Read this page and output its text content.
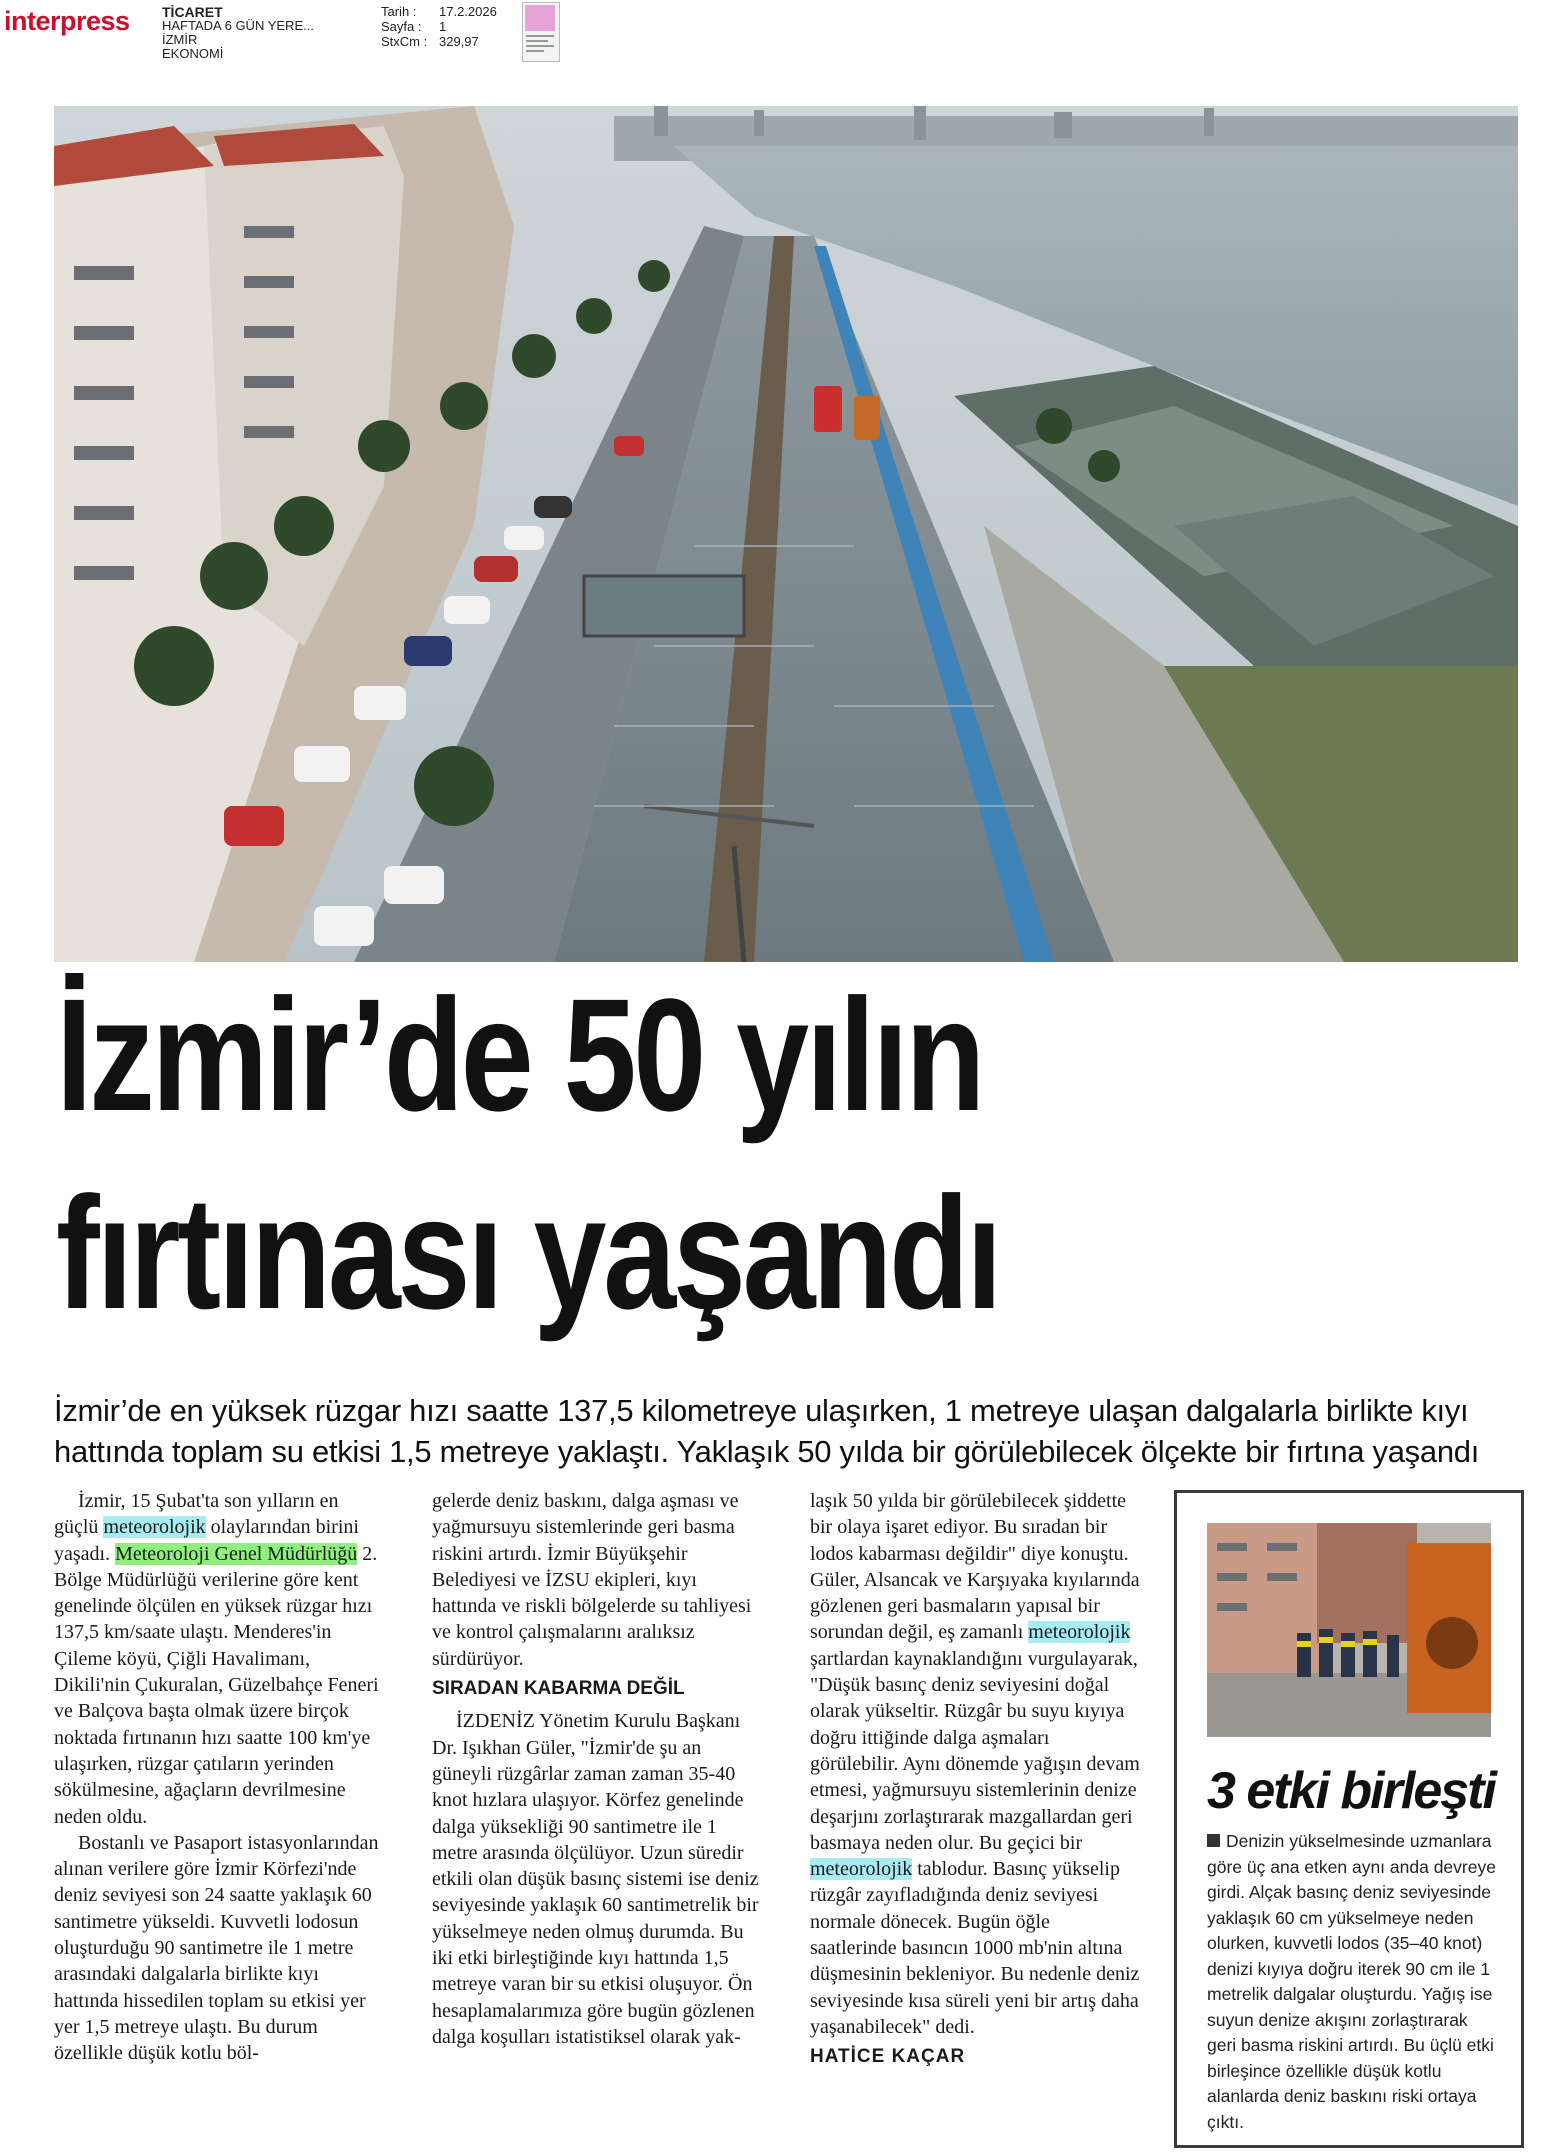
interpress TİCARET
HAFTADA 6 GÜN YERE...
İZMİR
EKONOMİ
Tarih : 17.2.2026
Sayfa : 1
StxCm : 329,97
İzmir’de 50 yılın
fırtınası yaşandı
İzmir’de en yüksek rüzgar hızı saatte 137,5 kilometreye ulaşırken, 1 metreye ulaşan dalgalarla birlikte kıyı
hattında toplam su etkisi 1,5 metreye yaklaştı. Yaklaşık 50 yılda bir görülebilecek ölçekte bir fırtına yaşandı

İzmir, 15 Şubat'ta son yılların en güçlü meteorolojik olaylarından birini yaşadı. Meteoroloji Genel Müdürlüğü 2. Bölge Müdürlüğü verilerine göre kent genelinde ölçülen en yüksek rüzgar hızı 137,5 km/saate ulaştı. Menderes'in Çileme köyü, Çiğli Havalimanı, Dikili'nin Çukuralan, Güzelbahçe Feneri ve Balçova başta olmak üzere birçok noktada fırtınanın hızı saatte 100 km'ye ulaşırken, rüzgar çatıların yerinden sökülmesine, ağaçların devrilmesine neden oldu.

Bostanlı ve Pasaport istasyonlarından alınan verilere göre İzmir Körfezi'nde deniz seviyesi son 24 saatte yaklaşık 60 santimetre yükseldi. Kuvvetli lodosun oluşturduğu 90 santimetre ile 1 metre arasındaki dalgalarla birlikte kıyı hattında hissedilen toplam su etkisi yer yer 1,5 metreye ulaştı. Bu durum özellikle düşük kotlu böl-

gelerde deniz baskını, dalga aşması ve yağmursuyu sistemlerinde geri basma riskini artırdı. İzmir Büyükşehir Belediyesi ve İZSU ekipleri, kıyı hattında ve riskli bölgelerde su tahliyesi ve kontrol çalışmalarını aralıksız sürdürüyor.

SIRADAN KABARMA DEĞİL

İZDENİZ Yönetim Kurulu Başkanı Dr. Işıkhan Güler, "İzmir'de şu an güneyli rüzgârlar zaman zaman 35-40 knot hızlara ulaşıyor. Körfez genelinde dalga yüksekliği 90 santimetre ile 1 metre arasında ölçülüyor. Uzun süredir etkili olan düşük basınç sistemi ise deniz seviyesinde yaklaşık 60 santimetrelik bir yükselmeye neden olmuş durumda. Bu iki etki birleştiğinde kıyı hattında 1,5 metreye varan bir su etkisi oluşuyor. Ön hesaplamalarımıza göre bugün gözlenen dalga koşulları istatistiksel olarak yak-

laşık 50 yılda bir görülebilecek şiddette bir olaya işaret ediyor. Bu sıradan bir lodos kabarması değildir" diye konuştu. Güler, Alsancak ve Karşıyaka kıyılarında gözlenen geri basmaların yapısal bir sorundan değil, eş zamanlı meteorolojik şartlardan kaynaklandığını vurgulayarak, "Düşük basınç deniz seviyesini doğal olarak yükseltir. Rüzgâr bu suyu kıyıya doğru ittiğinde dalga aşmaları görülebilir. Aynı dönemde yağışın devam etmesi, yağmursuyu sistemlerinin denize deşarjını zorlaştırarak mazgallardan geri basmaya neden olur. Bu geçici bir meteorolojik tablodur. Basınç yükselip rüzgâr zayıfladığında deniz seviyesi normale dönecek. Bugün öğle saatlerinde basıncın 1000 mb'nin altına düşmesinin bekleniyor. Bu nedenle deniz seviyesinde kısa süreli yeni bir artış daha yaşanabilecek" dedi.

HATİCE KAÇAR
3 etki birleşti
Denizin yükselmesinde uzmanlara göre üç ana etken aynı anda devreye girdi. Alçak basınç deniz seviyesinde yaklaşık 60 cm yükselmeye neden olurken, kuvvetli lodos (35–40 knot) denizi kıyıya doğru iterek 90 cm ile 1 metrelik dalgalar oluşturdu. Yağış ise suyun denize akışını zorlaştırarak geri basma riskini artırdı. Bu üçlü etki birleşince özellikle düşük kotlu alanlarda deniz baskını riski ortaya çıktı.
